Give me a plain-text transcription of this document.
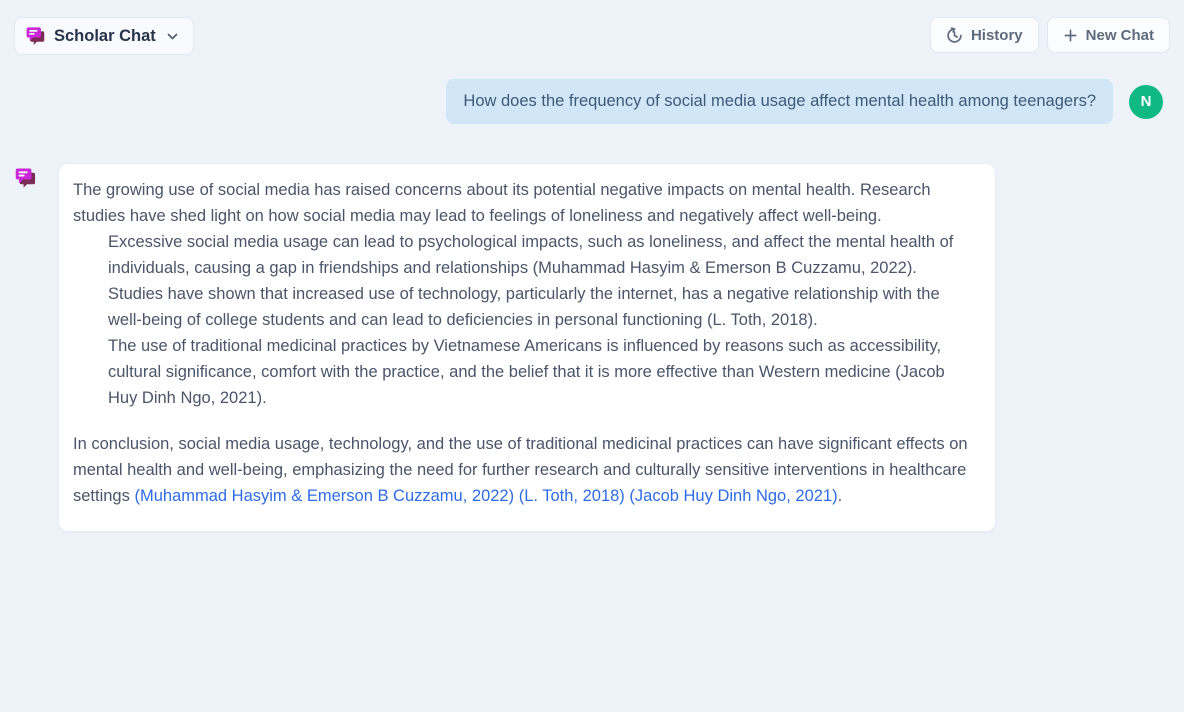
Scholar Chat	History	New Chat
How does the frequency of social media usage affect mental health among teenagers?	N

The growing use of social media has raised concerns about its potential negative impacts on mental health. Research studies have shed light on how social media may lead to feelings of loneliness and negatively affect well-being.

Excessive social media usage can lead to psychological impacts, such as loneliness, and affect the mental health of individuals, causing a gap in friendships and relationships (Muhammad Hasyim & Emerson B Cuzzamu, 2022).

Studies have shown that increased use of technology, particularly the internet, has a negative relationship with the well-being of college students and can lead to deficiencies in personal functioning (L. Toth, 2018).

The use of traditional medicinal practices by Vietnamese Americans is influenced by reasons such as accessibility, cultural significance, comfort with the practice, and the belief that it is more effective than Western medicine (Jacob Huy Dinh Ngo, 2021).

In conclusion, social media usage, technology, and the use of traditional medicinal practices can have significant effects on mental health and well-being, emphasizing the need for further research and culturally sensitive interventions in healthcare settings (Muhammad Hasyim & Emerson B Cuzzamu, 2022) (L. Toth, 2018) (Jacob Huy Dinh Ngo, 2021).
